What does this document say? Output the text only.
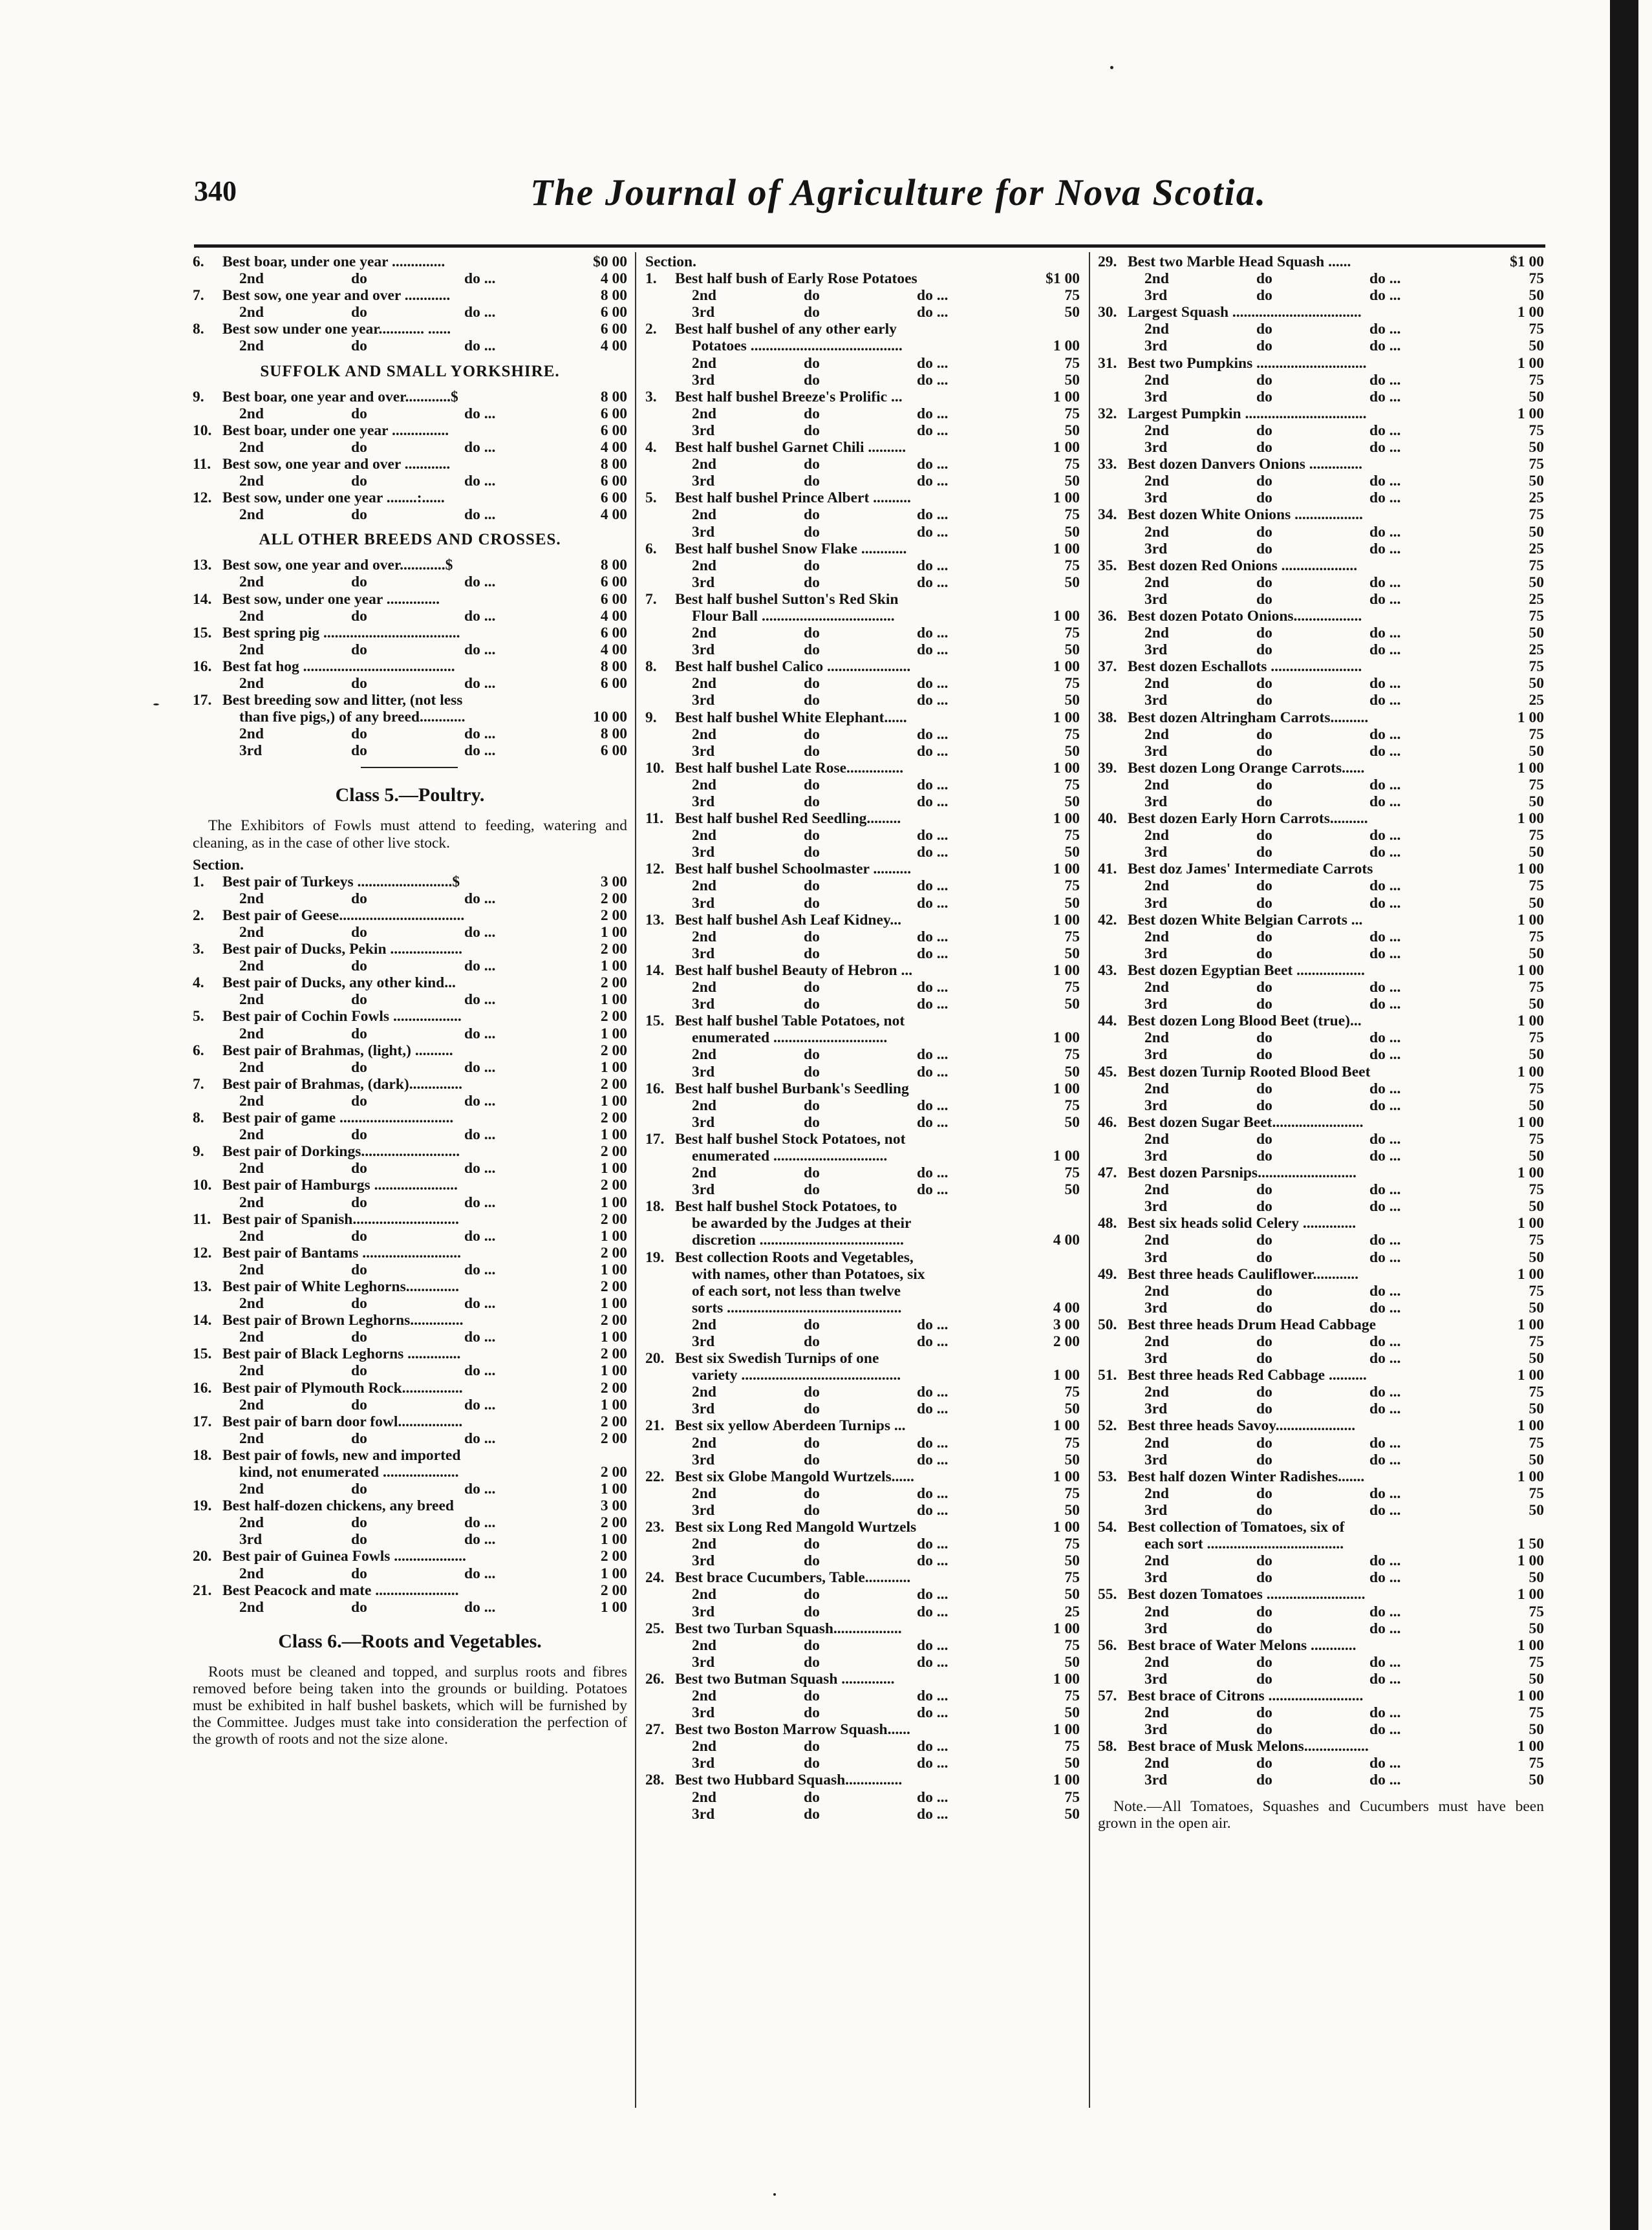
340	The Journal of Agriculture for Nova Scotia.
6. Best boar, under one year ..............	$0 00
2nd	do	do ...	4 00
7. Best sow, one year and over ............	8 00
2nd	do	do ...	6 00
8. Best sow under one year............ ......	6 00
2nd	do	do ...	4 00
SUFFOLK AND SMALL YORKSHIRE.
9. Best boar, one year and over............$	8 00
2nd	do	do ...	6 00
10. Best boar, under one year ...............	6 00
2nd	do	do ...	4 00
11. Best sow, one year and over ............	8 00
2nd	do	do ...	6 00
12. Best sow, under one year ........:......	6 00
2nd	do	do ...	4 00
ALL OTHER BREEDS AND CROSSES.
13. Best sow, one year and over............$	8 00
2nd	do	do ...	6 00
14. Best sow, under one year ..............	6 00
2nd	do	do ...	4 00
15. Best spring pig ....................................	6 00
2nd	do	do ...	4 00
16. Best fat hog ........................................	8 00
2nd	do	do ...	6 00
17. Best breeding sow and litter, (not less
than five pigs,) of any breed............	10 00
2nd	do	do ...	8 00
3rd	do	do ...	6 00
Class 5.—Poultry.
The Exhibitors of Fowls must attend to feeding, watering and cleaning, as in the case of other live stock.
Section.
1. Best pair of Turkeys .........................$	3 00
2nd	do	do ...	2 00
2. Best pair of Geese.................................	2 00
2nd	do	do ...	1 00
3. Best pair of Ducks, Pekin ...................	2 00
2nd	do	do ...	1 00
4. Best pair of Ducks, any other kind...	2 00
2nd	do	do ...	1 00
5. Best pair of Cochin Fowls ..................	2 00
2nd	do	do ...	1 00
6. Best pair of Brahmas, (light,) ..........	2 00
2nd	do	do ...	1 00
7. Best pair of Brahmas, (dark)..............	2 00
2nd	do	do ...	1 00
8. Best pair of game ..............................	2 00
2nd	do	do ...	1 00
9. Best pair of Dorkings..........................	2 00
2nd	do	do ...	1 00
10. Best pair of Hamburgs ......................	2 00
2nd	do	do ...	1 00
11. Best pair of Spanish............................	2 00
2nd	do	do ...	1 00
12. Best pair of Bantams ..........................	2 00
2nd	do	do ...	1 00
13. Best pair of White Leghorns..............	2 00
2nd	do	do ...	1 00
14. Best pair of Brown Leghorns..............	2 00
2nd	do	do ...	1 00
15. Best pair of Black Leghorns ..............	2 00
2nd	do	do ...	1 00
16. Best pair of Plymouth Rock................	2 00
2nd	do	do ...	1 00
17. Best pair of barn door fowl.................	2 00
2nd	do	do ...	2 00
18. Best pair of fowls, new and imported
kind, not enumerated ....................	2 00
2nd	do	do ...	1 00
19. Best half-dozen chickens, any breed	3 00
2nd	do	do ...	2 00
3rd	do	do ...	1 00
20. Best pair of Guinea Fowls ...................	2 00
2nd	do	do ...	1 00
21. Best Peacock and mate ......................	2 00
2nd	do	do ...	1 00
Class 6.—Roots and Vegetables.
Roots must be cleaned and topped, and surplus roots and fibres removed before being taken into the grounds or building. Potatoes must be exhibited in half bushel baskets, which will be furnished by the Committee. Judges must take into consideration the perfection of the growth of roots and not the size alone.
Section.
1. Best half bush of Early Rose Potatoes	$1 00
2nd	do	do ...	75
3rd	do	do ...	50
2. Best half bushel of any other early
Potatoes ........................................	1 00
2nd	do	do ...	75
3rd	do	do ...	50
3. Best half bushel Breeze's Prolific ...	1 00
2nd	do	do ...	75
3rd	do	do ...	50
4. Best half bushel Garnet Chili ..........	1 00
2nd	do	do ...	75
3rd	do	do ...	50
5. Best half bushel Prince Albert ..........	1 00
2nd	do	do ...	75
3rd	do	do ...	50
6. Best half bushel Snow Flake ............	1 00
2nd	do	do ...	75
3rd	do	do ...	50
7. Best half bushel Sutton's Red Skin
Flour Ball ...................................	1 00
2nd	do	do ...	75
3rd	do	do ...	50
8. Best half bushel Calico ......................	1 00
2nd	do	do ...	75
3rd	do	do ...	50
9. Best half bushel White Elephant......	1 00
2nd	do	do ...	75
3rd	do	do ...	50
10. Best half bushel Late Rose...............	1 00
2nd	do	do ...	75
3rd	do	do ...	50
11. Best half bushel Red Seedling.........	1 00
2nd	do	do ...	75
3rd	do	do ...	50
12. Best half bushel Schoolmaster ..........	1 00
2nd	do	do ...	75
3rd	do	do ...	50
13. Best half bushel Ash Leaf Kidney...	1 00
2nd	do	do ...	75
3rd	do	do ...	50
14. Best half bushel Beauty of Hebron ...	1 00
2nd	do	do ...	75
3rd	do	do ...	50
15. Best half bushel Table Potatoes, not
enumerated ..............................	1 00
2nd	do	do ...	75
3rd	do	do ...	50
16. Best half bushel Burbank's Seedling	1 00
2nd	do	do ...	75
3rd	do	do ...	50
17. Best half bushel Stock Potatoes, not
enumerated ..............................	1 00
2nd	do	do ...	75
3rd	do	do ...	50
18. Best half bushel Stock Potatoes, to
be awarded by the Judges at their
discretion ......................................	4 00
19. Best collection Roots and Vegetables,
with names, other than Potatoes, six
of each sort, not less than twelve
sorts ..............................................	4 00
2nd	do	do ...	3 00
3rd	do	do ...	2 00
20. Best six Swedish Turnips of one
variety ..........................................	1 00
2nd	do	do ...	75
3rd	do	do ...	50
21. Best six yellow Aberdeen Turnips ...	1 00
2nd	do	do ...	75
3rd	do	do ...	50
22. Best six Globe Mangold Wurtzels......	1 00
2nd	do	do ...	75
3rd	do	do ...	50
23. Best six Long Red Mangold Wurtzels	1 00
2nd	do	do ...	75
3rd	do	do ...	50
24. Best brace Cucumbers, Table............	75
2nd	do	do ...	50
3rd	do	do ...	25
25. Best two Turban Squash..................	1 00
2nd	do	do ...	75
3rd	do	do ...	50
26. Best two Butman Squash ..............	1 00
2nd	do	do ...	75
3rd	do	do ...	50
27. Best two Boston Marrow Squash......	1 00
2nd	do	do ...	75
3rd	do	do ...	50
28. Best two Hubbard Squash...............	1 00
2nd	do	do ...	75
3rd	do	do ...	50
29. Best two Marble Head Squash ......	$1 00
2nd	do	do ...	75
3rd	do	do ...	50
30. Largest Squash ..................................	1 00
2nd	do	do ...	75
3rd	do	do ...	50
31. Best two Pumpkins .............................	1 00
2nd	do	do ...	75
3rd	do	do ...	50
32. Largest Pumpkin ................................	1 00
2nd	do	do ...	75
3rd	do	do ...	50
33. Best dozen Danvers Onions ..............	75
2nd	do	do ...	50
3rd	do	do ...	25
34. Best dozen White Onions ..................	75
2nd	do	do ...	50
3rd	do	do ...	25
35. Best dozen Red Onions ....................	75
2nd	do	do ...	50
3rd	do	do ...	25
36. Best dozen Potato Onions..................	75
2nd	do	do ...	50
3rd	do	do ...	25
37. Best dozen Eschallots ........................	75
2nd	do	do ...	50
3rd	do	do ...	25
38. Best dozen Altringham Carrots..........	1 00
2nd	do	do ...	75
3rd	do	do ...	50
39. Best dozen Long Orange Carrots......	1 00
2nd	do	do ...	75
3rd	do	do ...	50
40. Best dozen Early Horn Carrots..........	1 00
2nd	do	do ...	75
3rd	do	do ...	50
41. Best doz James' Intermediate Carrots	1 00
2nd	do	do ...	75
3rd	do	do ...	50
42. Best dozen White Belgian Carrots ...	1 00
2nd	do	do ...	75
3rd	do	do ...	50
43. Best dozen Egyptian Beet ..................	1 00
2nd	do	do ...	75
3rd	do	do ...	50
44. Best dozen Long Blood Beet (true)...	1 00
2nd	do	do ...	75
3rd	do	do ...	50
45. Best dozen Turnip Rooted Blood Beet	1 00
2nd	do	do ...	75
3rd	do	do ...	50
46. Best dozen Sugar Beet........................	1 00
2nd	do	do ...	75
3rd	do	do ...	50
47. Best dozen Parsnips..........................	1 00
2nd	do	do ...	75
3rd	do	do ...	50
48. Best six heads solid Celery ..............	1 00
2nd	do	do ...	75
3rd	do	do ...	50
49. Best three heads Cauliflower............	1 00
2nd	do	do ...	75
3rd	do	do ...	50
50. Best three heads Drum Head Cabbage	1 00
2nd	do	do ...	75
3rd	do	do ...	50
51. Best three heads Red Cabbage ..........	1 00
2nd	do	do ...	75
3rd	do	do ...	50
52. Best three heads Savoy.....................	1 00
2nd	do	do ...	75
3rd	do	do ...	50
53. Best half dozen Winter Radishes.......	1 00
2nd	do	do ...	75
3rd	do	do ...	50
54. Best collection of Tomatoes, six of
each sort ....................................	1 50
2nd	do	do ...	1 00
3rd	do	do ...	50
55. Best dozen Tomatoes ..........................	1 00
2nd	do	do ...	75
3rd	do	do ...	50
56. Best brace of Water Melons ............	1 00
2nd	do	do ...	75
3rd	do	do ...	50
57. Best brace of Citrons .........................	1 00
2nd	do	do ...	75
3rd	do	do ...	50
58. Best brace of Musk Melons.................	1 00
2nd	do	do ...	75
3rd	do	do ...	50
Note.—All Tomatoes, Squashes and Cucumbers must have been grown in the open air.
